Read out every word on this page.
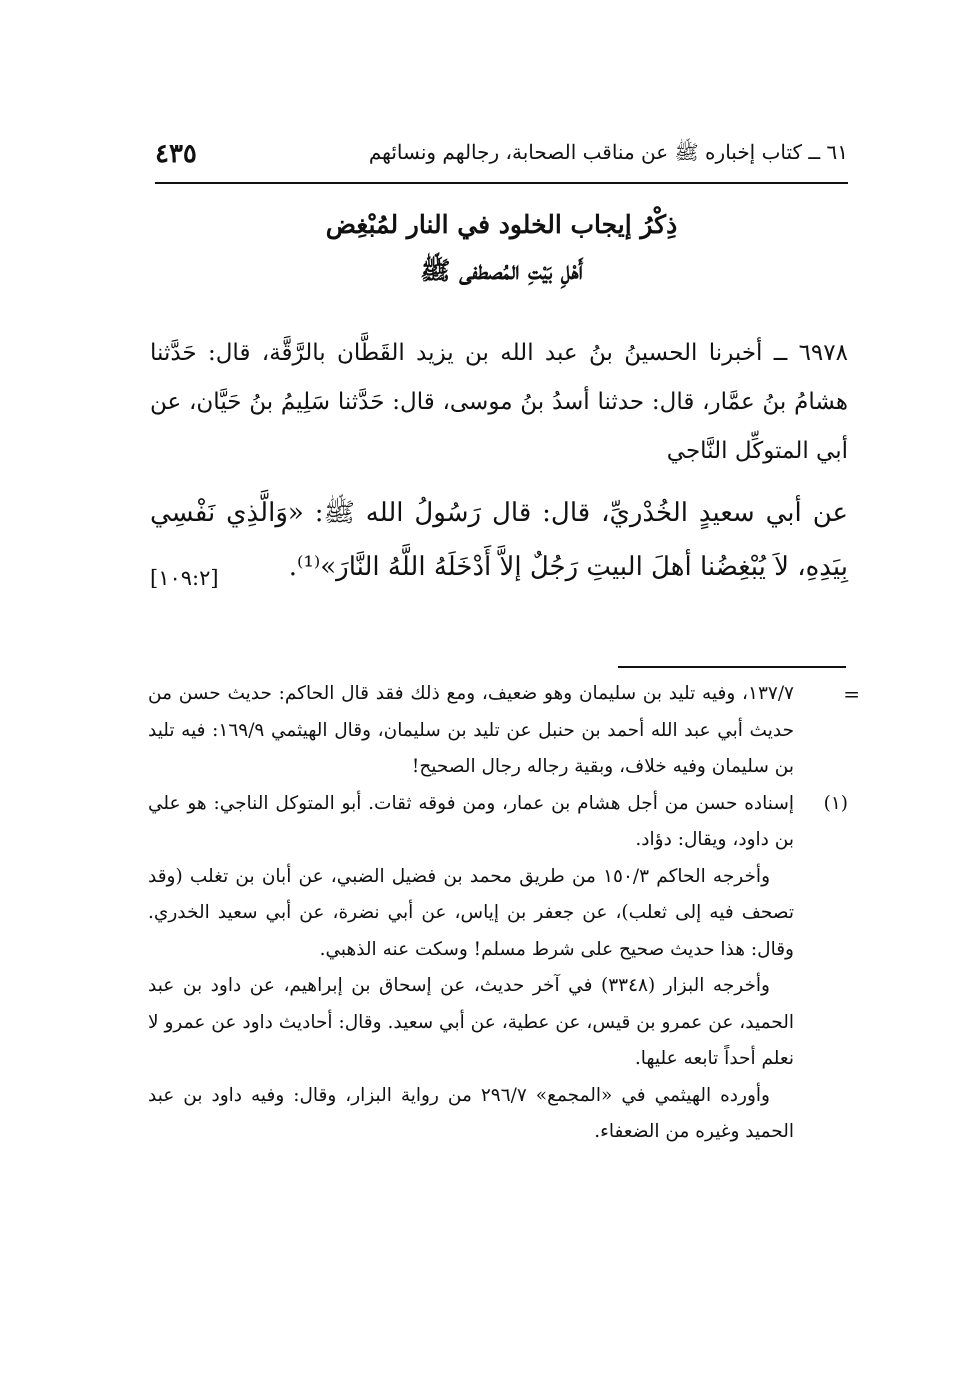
٦١ ــ كتاب إخباره ﷺ عن مناقب الصحابة، رجالهم ونسائهم
٤٣٥
ذِكْرُ إيجاب الخلود في النار لمُبْغِض
أَهْلِ بَيْتِ المُصطفى ﷺ

٦٩٧٨ ــ أخبرنا الحسينُ بنُ عبد الله بن يزيد القَطَّان بالرَّقَّة، قال: حَدَّثنا هشامُ بنُ عمَّار، قال: حدثنا أسدُ بنُ موسى، قال: حَدَّثنا سَلِيمُ بنُ حَيَّان، عن أبي المتوكِّل النَّاجي

عن أبي سعيدٍ الخُدْريِّ، قال: قال رَسُولُ الله ﷺ: «وَالَّذِي نَفْسِي بِيَدِهِ، لاَ يُبْغِضُنا أهلَ البيتِ رَجُلٌ إلاَّ أَدْخَلَهُ اللَّهُ النَّارَ»⁽¹⁾.

[١٠٩:٢]
=
١٣٧/٧، وفيه تليد بن سليمان وهو ضعيف، ومع ذلك فقد قال الحاكم: حديث حسن من حديث أبي عبد الله أحمد بن حنبل عن تليد بن سليمان، وقال الهيثمي ١٦٩/٩: فيه تليد بن سليمان وفيه خلاف، وبقية رجاله رجال الصحيح!
(١)
إسناده حسن من أجل هشام بن عمار، ومن فوقه ثقات. أبو المتوكل الناجي: هو علي بن داود، ويقال: دؤاد.
وأخرجه الحاكم ١٥٠/٣ من طريق محمد بن فضيل الضبي، عن أبان بن تغلب (وقد تصحف فيه إلى ثعلب)، عن جعفر بن إياس، عن أبي نضرة، عن أبي سعيد الخدري. وقال: هذا حديث صحيح على شرط مسلم! وسكت عنه الذهبي.
وأخرجه البزار (٣٣٤٨) في آخر حديث، عن إسحاق بن إبراهيم، عن داود بن عبد الحميد، عن عمرو بن قيس، عن عطية، عن أبي سعيد. وقال: أحاديث داود عن عمرو لا نعلم أحداً تابعه عليها.
وأورده الهيثمي في «المجمع» ٢٩٦/٧ من رواية البزار، وقال: وفيه داود بن عبد الحميد وغيره من الضعفاء.
